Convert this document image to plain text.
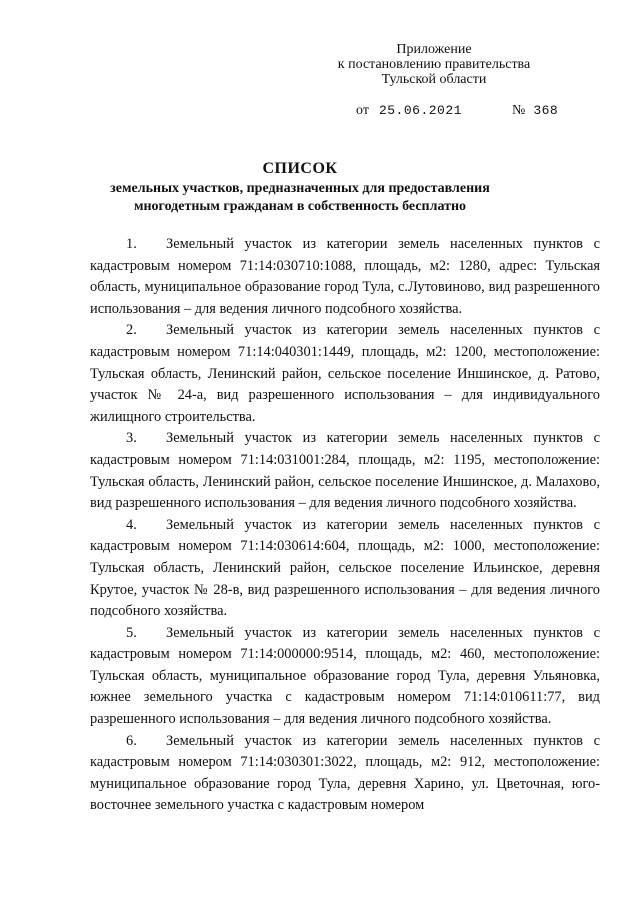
Приложение
к постановлению правительства
Тульской области
от 25.06.2021	№ 368
СПИСОК
земельных участков, предназначенных для предоставления
многодетным гражданам в собственность бесплатно

1. Земельный участок из категории земель населенных пунктов с кадастровым номером 71:14:030710:1088, площадь, м2: 1280, адрес: Тульская область, муниципальное образование город Тула, с.Лутовиново, вид разрешенного использования – для ведения личного подсобного хозяйства.

2. Земельный участок из категории земель населенных пунктов с кадастровым номером 71:14:040301:1449, площадь, м2: 1200, местоположение: Тульская область, Ленинский район, сельское поселение Иншинское, д. Ратово, участок № 24-а, вид разрешенного использования – для индивидуального жилищного строительства.

3. Земельный участок из категории земель населенных пунктов с кадастровым номером 71:14:031001:284, площадь, м2: 1195, местоположение: Тульская область, Ленинский район, сельское поселение Иншинское, д. Малахово, вид разрешенного использования – для ведения личного подсобного хозяйства.

4. Земельный участок из категории земель населенных пунктов с кадастровым номером 71:14:030614:604, площадь, м2: 1000, местоположение: Тульская область, Ленинский район, сельское поселение Ильинское, деревня Крутое, участок № 28-в, вид разрешенного использования – для ведения личного подсобного хозяйства.

5. Земельный участок из категории земель населенных пунктов с кадастровым номером 71:14:000000:9514, площадь, м2: 460, местоположение: Тульская область, муниципальное образование город Тула, деревня Ульяновка, южнее земельного участка с кадастровым номером 71:14:010611:77, вид разрешенного использования – для ведения личного подсобного хозяйства.

6. Земельный участок из категории земель населенных пунктов с кадастровым номером 71:14:030301:3022, площадь, м2: 912, местоположение: муниципальное образование город Тула, деревня Харино, ул. Цветочная, юго-восточнее земельного участка с кадастровым номером
